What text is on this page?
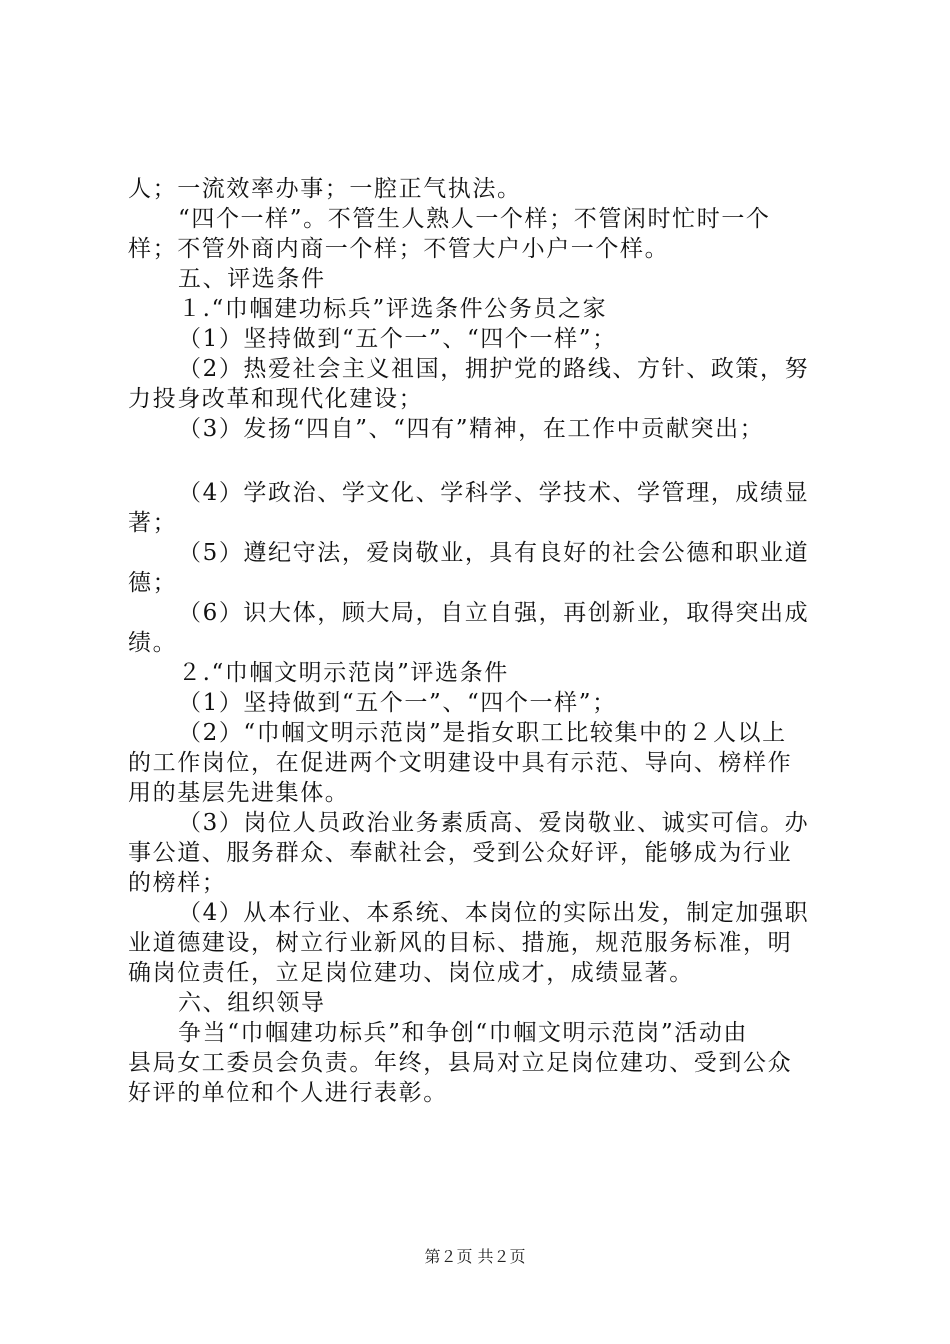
人；一流效率办事；一腔正气执法。
“四个一样”。不管生人熟人一个样；不管闲时忙时一个
样；不管外商内商一个样；不管大户小户一个样。
五、评选条件
１.“巾帼建功标兵”评选条件公务员之家
（1）坚持做到“五个一”、“四个一样”；
（2）热爱社会主义祖国，拥护党的路线、方针、政策，努
力投身改革和现代化建设；
（3）发扬“四自”、“四有”精神，在工作中贡献突出；
（4）学政治、学文化、学科学、学技术、学管理，成绩显
著；
（5）遵纪守法，爱岗敬业，具有良好的社会公德和职业道
德；
（6）识大体，顾大局，自立自强，再创新业，取得突出成
绩。
２.“巾帼文明示范岗”评选条件
（1）坚持做到“五个一”、“四个一样”；
（2）“巾帼文明示范岗”是指女职工比较集中的２人以上
的工作岗位，在促进两个文明建设中具有示范、导向、榜样作
用的基层先进集体。
（3）岗位人员政治业务素质高、爱岗敬业、诚实可信。办
事公道、服务群众、奉献社会，受到公众好评，能够成为行业
的榜样；
（4）从本行业、本系统、本岗位的实际出发，制定加强职
业道德建设，树立行业新风的目标、措施，规范服务标准，明
确岗位责任，立足岗位建功、岗位成才，成绩显著。
六、组织领导
争当“巾帼建功标兵”和争创“巾帼文明示范岗”活动由
县局女工委员会负责。年终，县局对立足岗位建功、受到公众
好评的单位和个人进行表彰。
第２页 共２页
